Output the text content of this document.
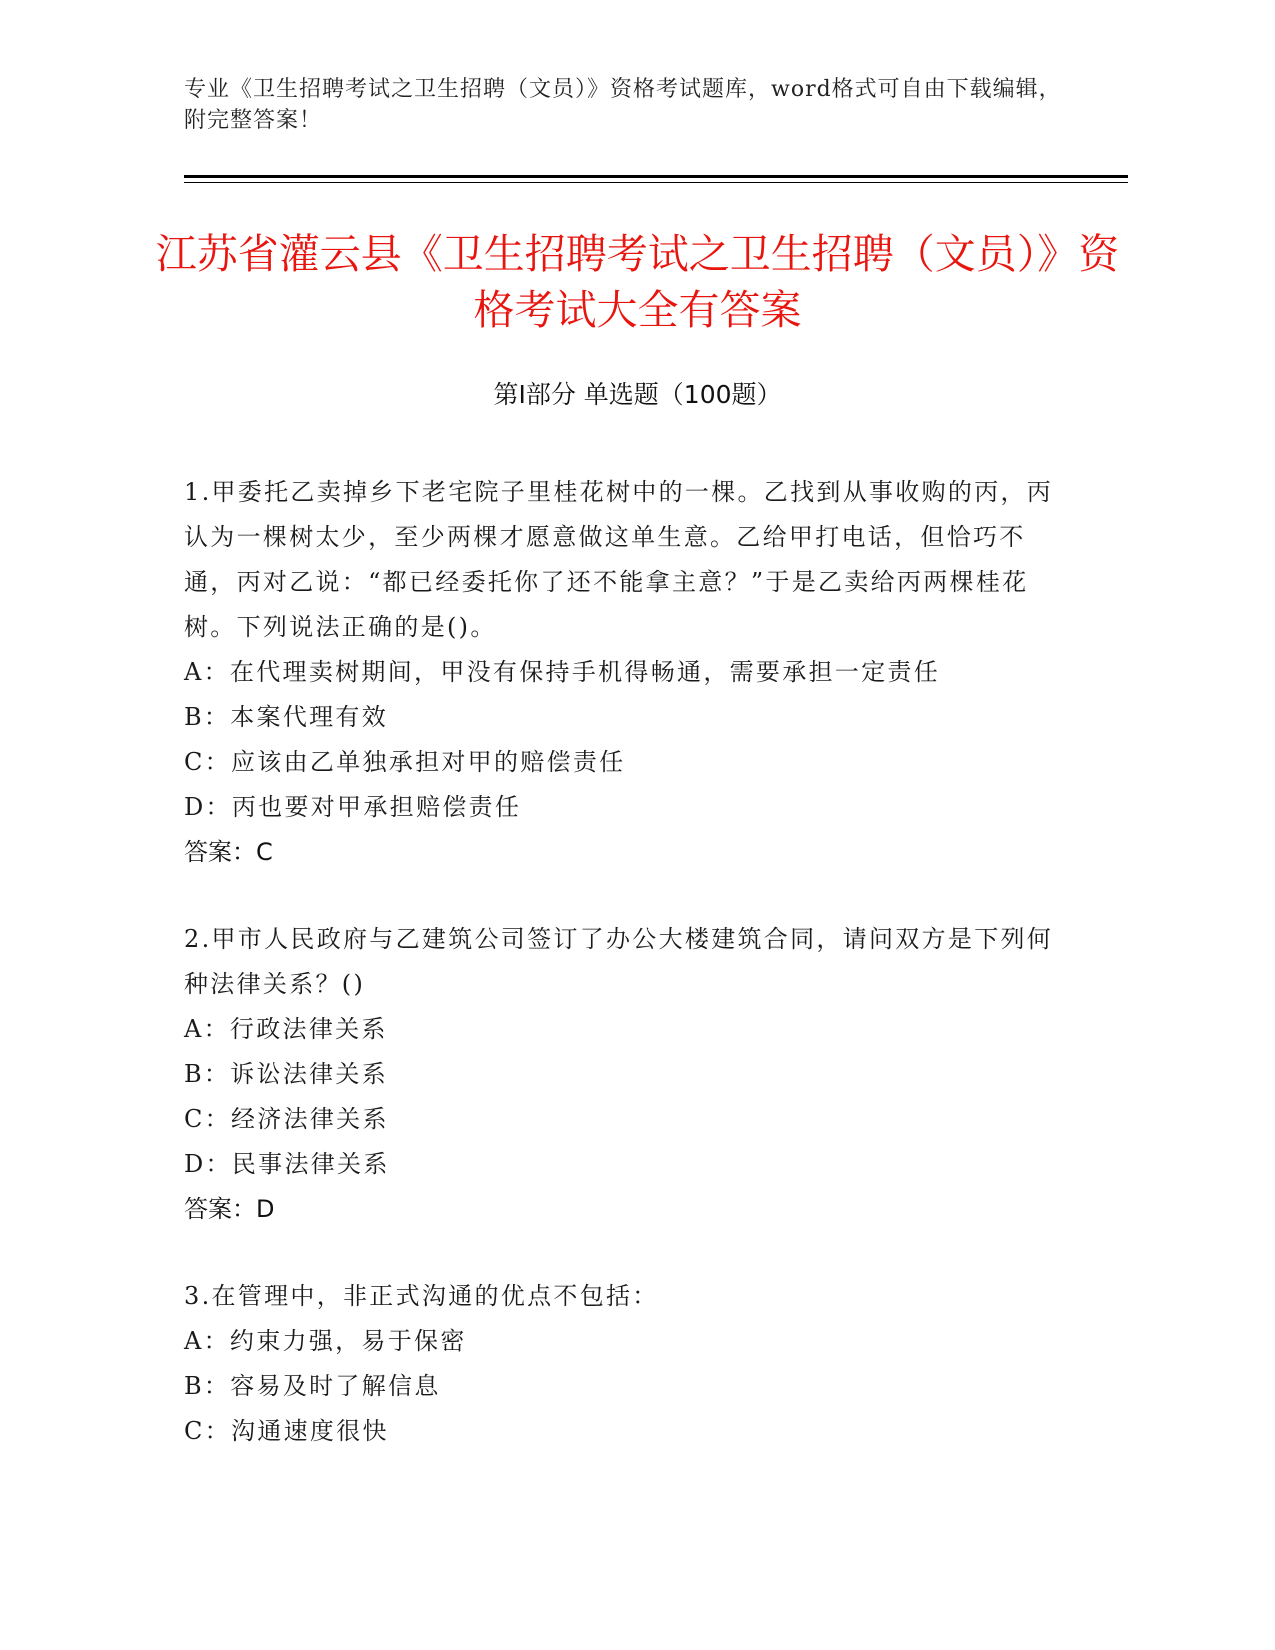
专业《卫生招聘考试之卫生招聘（文员）》资格考试题库，word格式可自由下载编辑，附完整答案！
江苏省灌云县《卫生招聘考试之卫生招聘（文员）》资格考试大全有答案
第Ⅰ部分 单选题（100题）
1.甲委托乙卖掉乡下老宅院子里桂花树中的一棵。乙找到从事收购的丙，丙认为一棵树太少，至少两棵才愿意做这单生意。乙给甲打电话，但恰巧不通，丙对乙说：“都已经委托你了还不能拿主意？”于是乙卖给丙两棵桂花树。下列说法正确的是()。
A：在代理卖树期间，甲没有保持手机得畅通，需要承担一定责任
B：本案代理有效
C：应该由乙单独承担对甲的赔偿责任
D：丙也要对甲承担赔偿责任
答案：C
2.甲市人民政府与乙建筑公司签订了办公大楼建筑合同，请问双方是下列何种法律关系？()
A：行政法律关系
B：诉讼法律关系
C：经济法律关系
D：民事法律关系
答案：D
3.在管理中，非正式沟通的优点不包括：
A：约束力强，易于保密
B：容易及时了解信息
C：沟通速度很快
